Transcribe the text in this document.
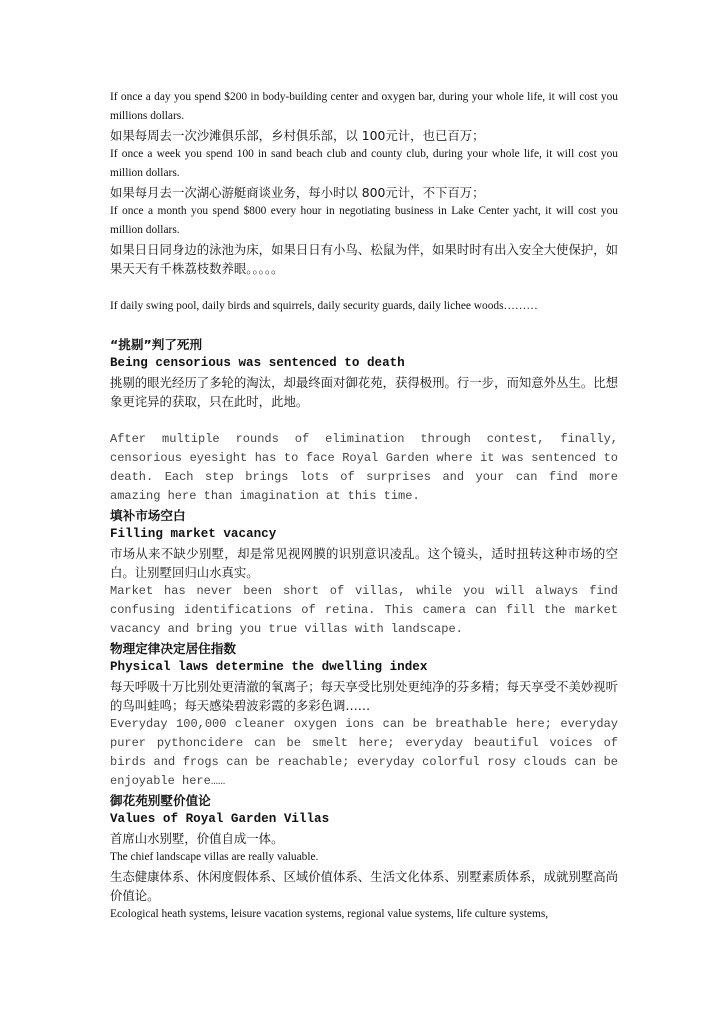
If once a day you spend $200 in body-building center and oxygen bar, during your whole life, it will cost you millions dollars.

如果每周去一次沙滩俱乐部，乡村俱乐部，以 100元计，也已百万；

If once a week you spend 100 in sand beach club and county club, during your whole life, it will cost you million dollars.

如果每月去一次湖心游艇商谈业务，每小时以 800元计，不下百万；

If once a month you spend $800 every hour in negotiating business in Lake Center yacht, it will cost you million dollars.

如果日日同身边的泳池为床，如果日日有小鸟、松鼠为伴，如果时时有出入安全大使保护，如果天天有千株荔枝数养眼。。。。。

If daily swing pool, daily birds and squirrels, daily security guards, daily lichee woods………

“挑剔”判了死刑

Being censorious was sentenced to death

挑剔的眼光经历了多轮的淘汰，却最终面对御花苑，获得极刑。行一步，而知意外丛生。比想象更诧异的获取，只在此时，此地。

After multiple rounds of elimination through contest, finally, censorious eyesight has to face Royal Garden where it was sentenced to death. Each step brings lots of surprises and your can find more amazing here than imagination at this time.

填补市场空白

Filling market vacancy

市场从来不缺少别墅，却是常见视网膜的识别意识凌乱。这个镜头，适时扭转这种市场的空白。让别墅回归山水真实。

Market has never been short of villas, while you will always find confusing identifications of retina. This camera can fill the market vacancy and bring you true villas with landscape.

物理定律决定居住指数

Physical laws determine the dwelling index

每天呼吸十万比别处更清澈的氧离子；每天享受比别处更纯净的芬多精；每天享受不美妙视听的鸟叫蛙鸣；每天感染碧波彩霞的多彩色调……

Everyday 100,000 cleaner oxygen ions can be breathable here; everyday purer pythoncidere can be smelt here; everyday beautiful voices of birds and frogs can be reachable; everyday colorful rosy clouds can be enjoyable here……

御花苑别墅价值论

Values of Royal Garden Villas

首席山水别墅，价值自成一体。

The chief landscape villas are really valuable.

生态健康体系、休闲度假体系、区域价值体系、生活文化体系、别墅素质体系，成就别墅高尚价值论。

Ecological heath systems, leisure vacation systems, regional value systems, life culture systems,
